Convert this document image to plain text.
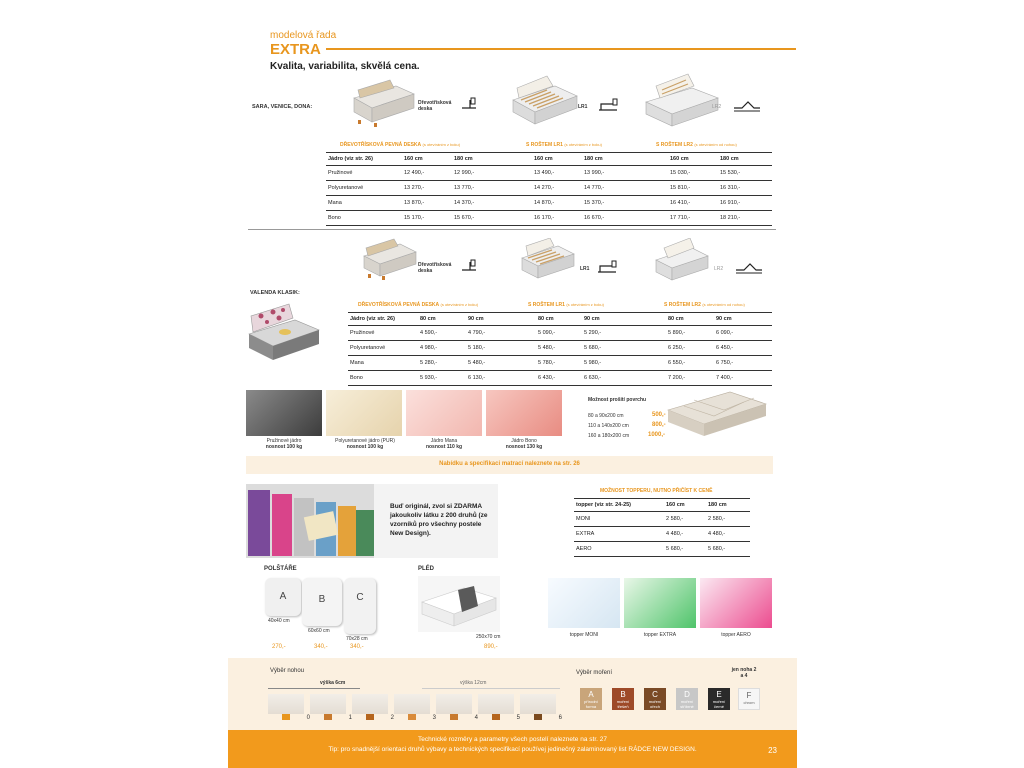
modelová řada
EXTRA
Kvalita, variabilita, skvělá cena.
SARA, VENICE, DONA:
Dřevotřísková deska	LR1	LR2
DŘEVOTŘÍSKOVÁ PEVNÁ DESKA (s otevíráním z boku)	S ROŠTEM LR1 (s otevíráním z boku)	S ROŠTEM LR2 (s otevíráním od nohou)
Jádro (viz str. 26)	160 cm	180 cm	160 cm	180 cm	160 cm	180 cm
Pružinové	12 490,-	12 990,-	13 490,-	13 990,-	15 030,-	15 530,-
Polyuretanové	13 270,-	13 770,-	14 270,-	14 770,-	15 810,-	16 310,-
Mana	13 870,-	14 370,-	14 870,-	15 370,-	16 410,-	16 910,-
Bono	15 170,-	15 670,-	16 170,-	16 670,-	17 710,-	18 210,-
VALENDA KLASIK:
Dřevotřísková deska	LR1	LR2
DŘEVOTŘÍSKOVÁ PEVNÁ DESKA (s otevíráním z boku)	S ROŠTEM LR1 (s otevíráním z boku)	S ROŠTEM LR2 (s otevíráním od nohou)
Jádro (viz str. 26)	80 cm	90 cm	80 cm	90 cm	80 cm	90 cm
Pružinové	4 590,-	4 790,-	5 090,-	5 290,-	5 890,-	6 090,-
Polyuretanové	4 980,-	5 180,-	5 480,-	5 680,-	6 250,-	6 450,-
Mana	5 280,-	5 480,-	5 780,-	5 980,-	6 550,-	6 750,-
Bono	5 930,-	6 130,-	6 430,-	6 630,-	7 200,-	7 400,-
Pružinové jádro
nosnost 100 kg
Polyuretanové jádro (PUR)
nosnost 100 kg
Jádro Mana
nosnost 110 kg
Jádro Bono
nosnost 130 kg
Možnost prošití povrchu
80 a 90x200 cm	500,-
110 a 140x200 cm	800,-
160 a 180x200 cm	1000,-
Nabídku a specifikaci matrací naleznete na str. 26
Buď originál, zvol si ZDARMA jakoukoliv látku z 200 druhů (ze vzorníků pro všechny postele New Design).
MOŽNOST TOPPERU, NUTNO PŘIČÍST K CENĚ
topper (viz str. 24-25)	160 cm	180 cm
MONI	2 580,-	2 580,-
EXTRA	4 480,-	4 480,-
AERO	5 680,-	5 680,-
POLŠTÁŘE
A	B	C
40x40 cm
60x60 cm
70x28 cm
270,-	340,-	340,-
PLÉD
250x70 cm
890,-
topper MONI	topper EXTRA	topper AERO
Výběr nohou
výška 6cm	výška 12cm
0	1	2	3	4	5	6
Výběr moření	jen noha 2 a 4
A
přírodní forma
B
moření třešeň
C
moření ořech
D
moření stříbrné
E
moření černé
F
chrom
Technické rozměry a parametry všech postelí naleznete na str. 27
Tip: pro snadnější orientaci druhů výbavy a technických specifikací používej jedinečný zalaminovaný list RÁDCE NEW DESIGN.	23
